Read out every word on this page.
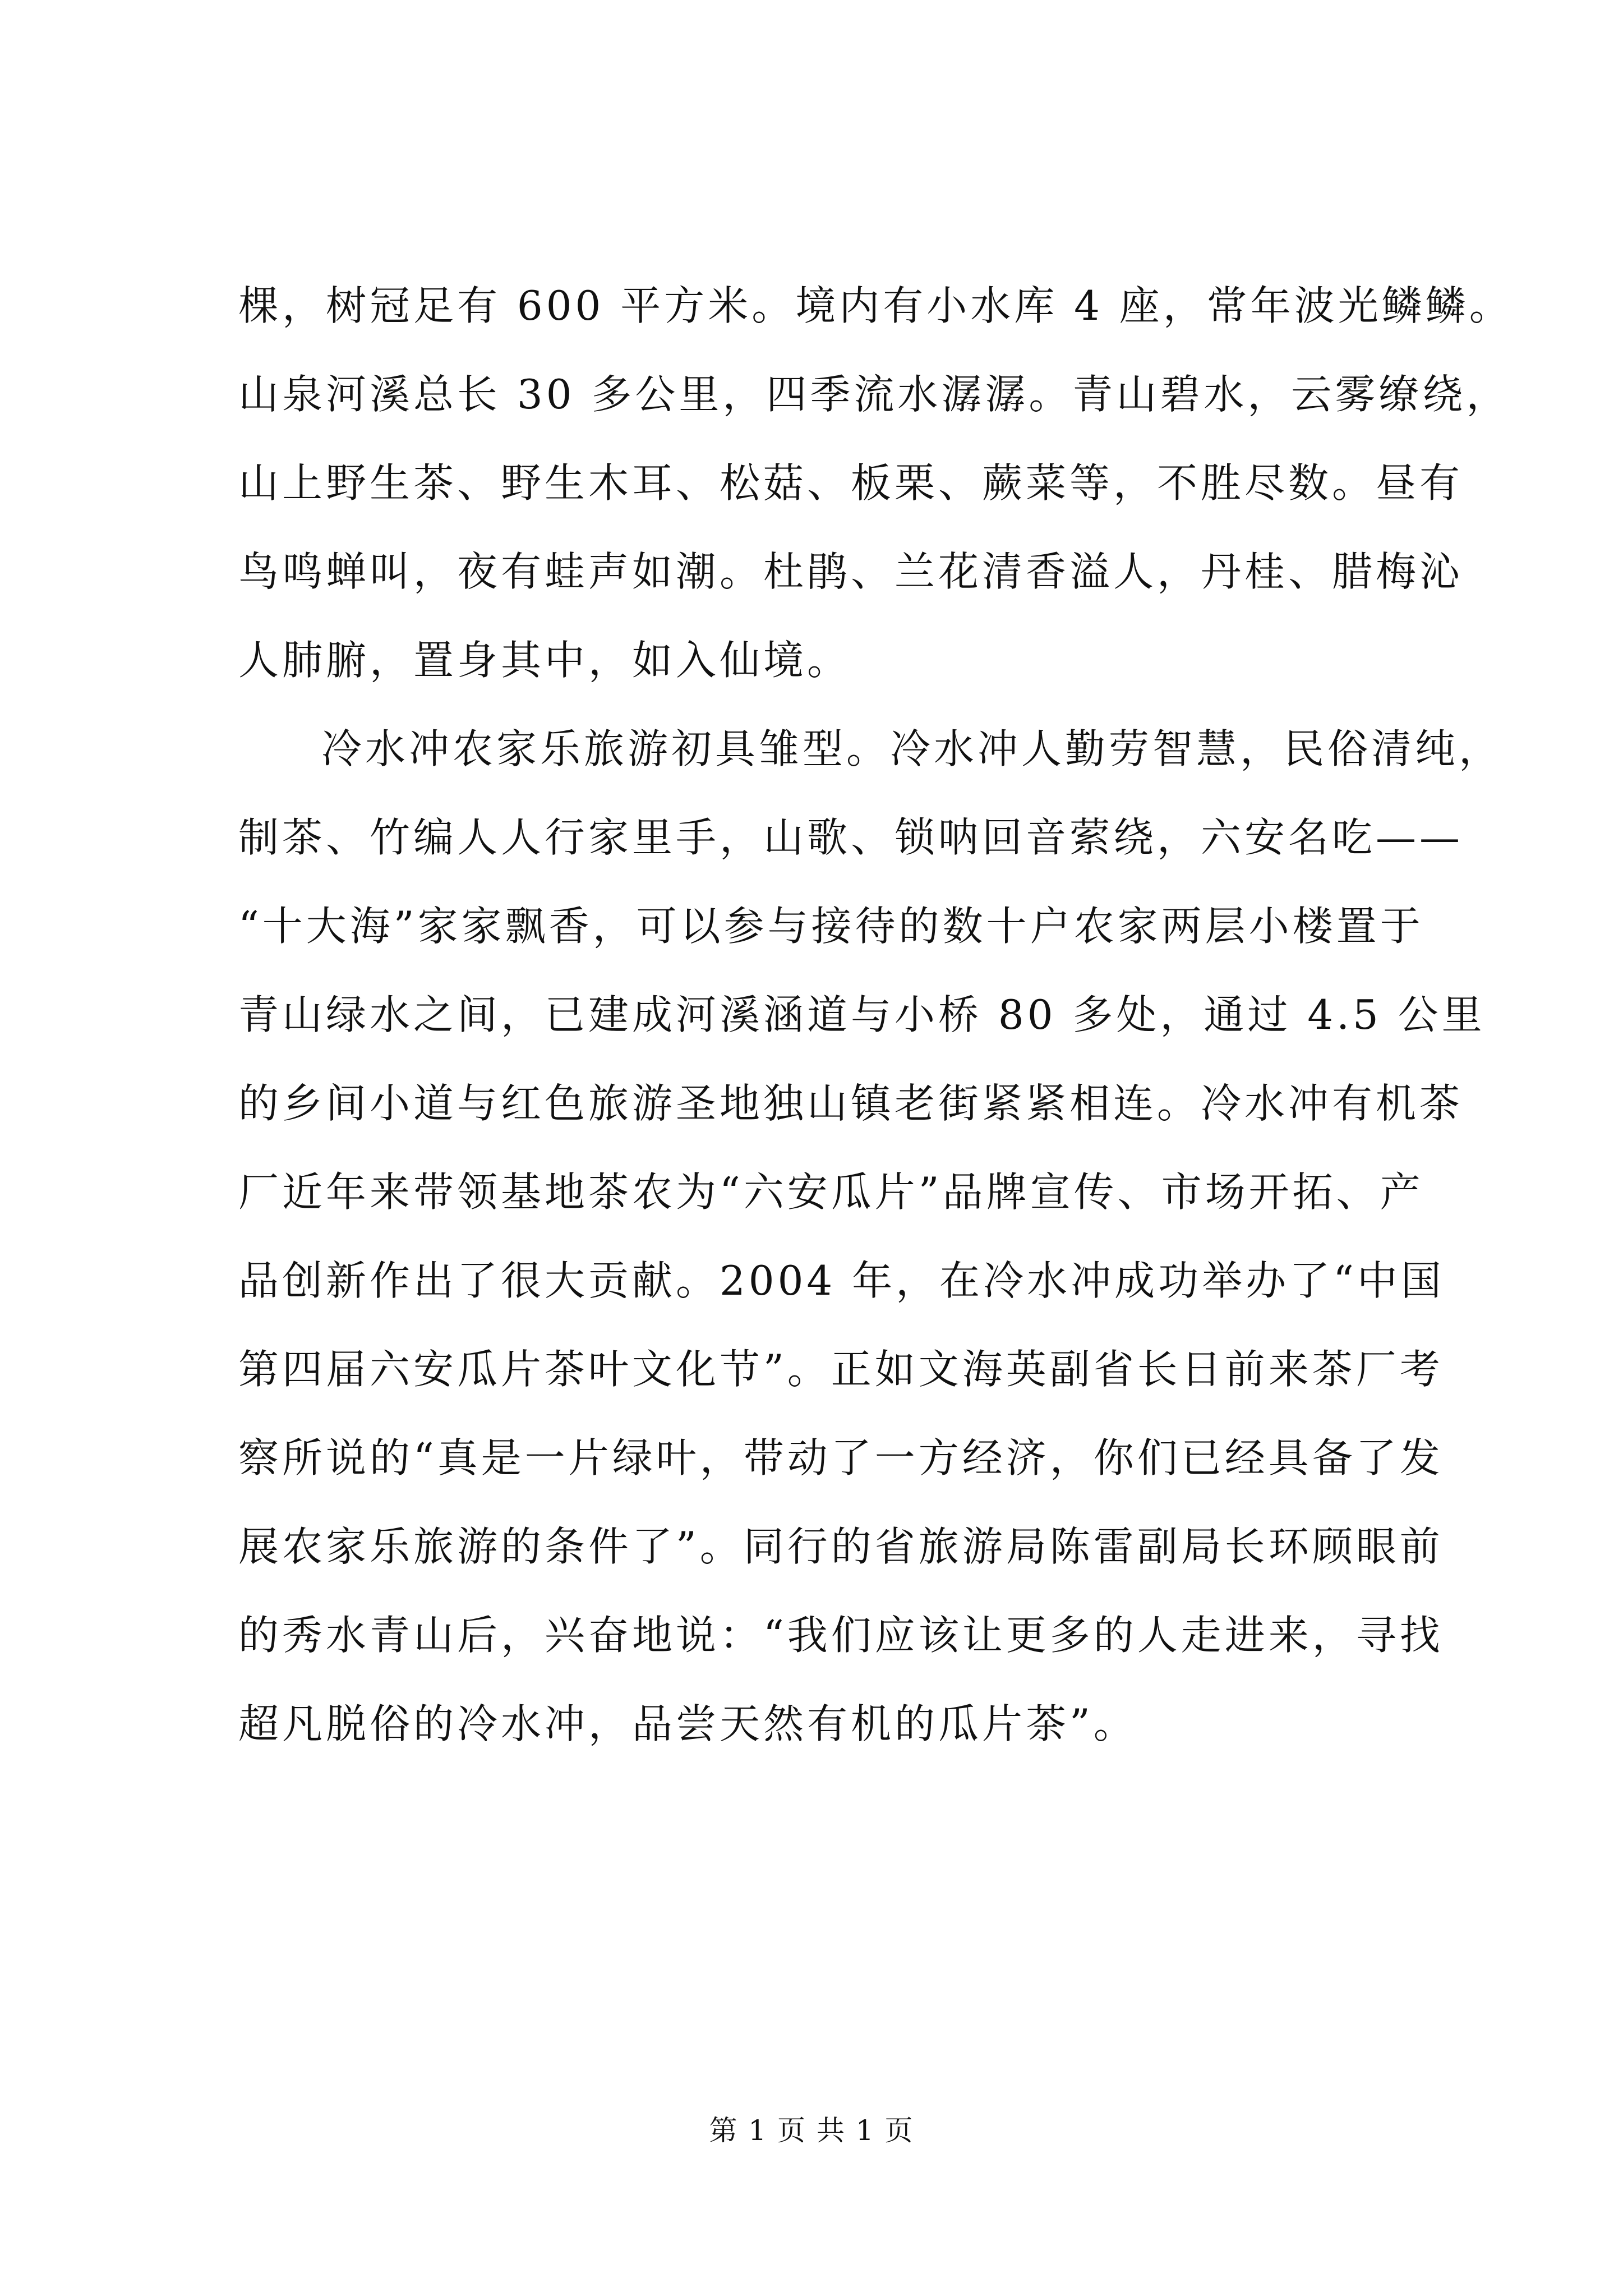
棵，树冠足有 600 平方米。境内有小水库 4 座，常年波光鳞鳞。
山泉河溪总长 30 多公里，四季流水潺潺。青山碧水，云雾缭绕，
山上野生茶、野生木耳、松菇、板栗、蕨菜等，不胜尽数。昼有
鸟鸣蝉叫，夜有蛙声如潮。杜鹃、兰花清香溢人，丹桂、腊梅沁
人肺腑，置身其中，如入仙境。
冷水冲农家乐旅游初具雏型。冷水冲人勤劳智慧，民俗清纯，
制茶、竹编人人行家里手，山歌、锁呐回音萦绕，六安名吃——
“十大海”家家飘香，可以参与接待的数十户农家两层小楼置于
青山绿水之间，已建成河溪涵道与小桥 80 多处，通过 4.5 公里
的乡间小道与红色旅游圣地独山镇老街紧紧相连。冷水冲有机茶
厂近年来带领基地茶农为“六安瓜片”品牌宣传、市场开拓、产
品创新作出了很大贡献。2004 年，在冷水冲成功举办了“中国
第四届六安瓜片茶叶文化节”。正如文海英副省长日前来茶厂考
察所说的“真是一片绿叶，带动了一方经济，你们已经具备了发
展农家乐旅游的条件了”。同行的省旅游局陈雷副局长环顾眼前
的秀水青山后，兴奋地说：“我们应该让更多的人走进来，寻找
超凡脱俗的冷水冲，品尝天然有机的瓜片茶”。
第 1 页 共 1 页
